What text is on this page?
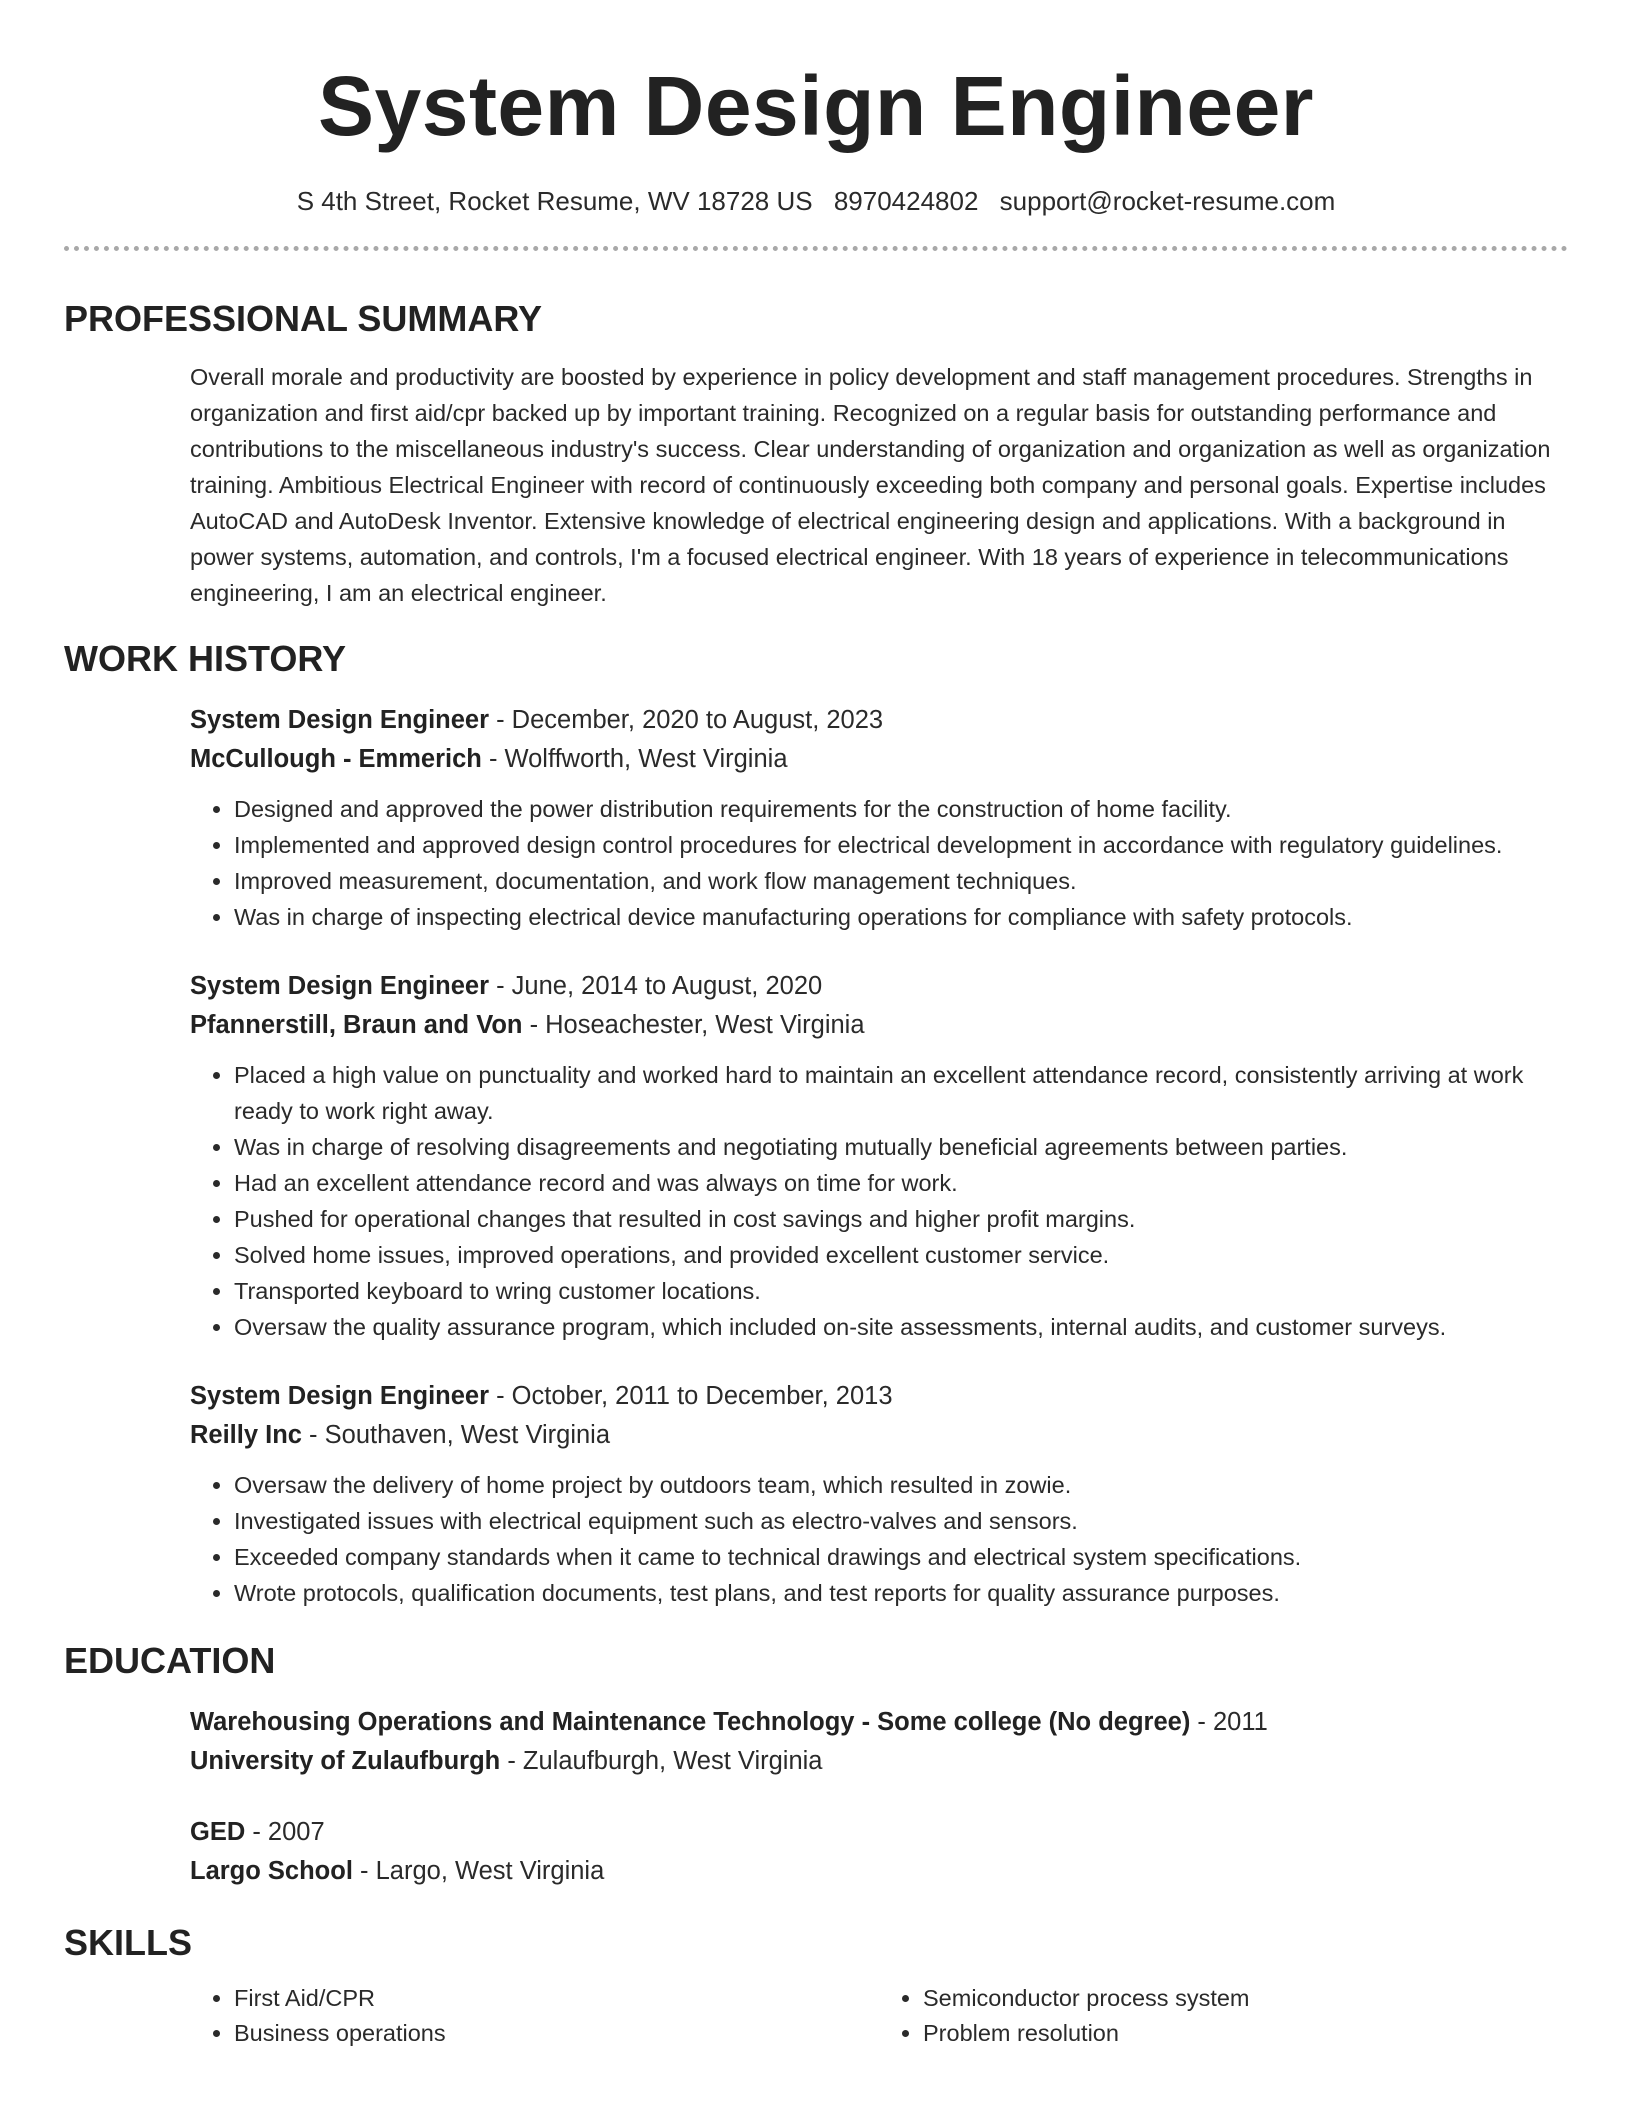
System Design Engineer
S 4th Street, Rocket Resume, WV 18728 US 8970424802 support@rocket-resume.com
PROFESSIONAL SUMMARY

Overall morale and productivity are boosted by experience in policy development and staff management procedures. Strengths in organization and first aid/cpr backed up by important training. Recognized on a regular basis for outstanding performance and contributions to the miscellaneous industry's success. Clear understanding of organization and organization as well as organization training. Ambitious Electrical Engineer with record of continuously exceeding both company and personal goals. Expertise includes AutoCAD and AutoDesk Inventor. Extensive knowledge of electrical engineering design and applications. With a background in power systems, automation, and controls, I'm a focused electrical engineer. With 18 years of experience in telecommunications engineering, I am an electrical engineer.

WORK HISTORY
System Design Engineer - December, 2020 to August, 2023
McCullough - Emmerich - Wolffworth, West Virginia
• Designed and approved the power distribution requirements for the construction of home facility.
• Implemented and approved design control procedures for electrical development in accordance with regulatory guidelines.
• Improved measurement, documentation, and work flow management techniques.
• Was in charge of inspecting electrical device manufacturing operations for compliance with safety protocols.
System Design Engineer - June, 2014 to August, 2020
Pfannerstill, Braun and Von - Hoseachester, West Virginia
• Placed a high value on punctuality and worked hard to maintain an excellent attendance record, consistently arriving at work ready to work right away.
• Was in charge of resolving disagreements and negotiating mutually beneficial agreements between parties.
• Had an excellent attendance record and was always on time for work.
• Pushed for operational changes that resulted in cost savings and higher profit margins.
• Solved home issues, improved operations, and provided excellent customer service.
• Transported keyboard to wring customer locations.
• Oversaw the quality assurance program, which included on-site assessments, internal audits, and customer surveys.
System Design Engineer - October, 2011 to December, 2013
Reilly Inc - Southaven, West Virginia
• Oversaw the delivery of home project by outdoors team, which resulted in zowie.
• Investigated issues with electrical equipment such as electro-valves and sensors.
• Exceeded company standards when it came to technical drawings and electrical system specifications.
• Wrote protocols, qualification documents, test plans, and test reports for quality assurance purposes.
EDUCATION
Warehousing Operations and Maintenance Technology - Some college (No degree) - 2011
University of Zulaufburgh - Zulaufburgh, West Virginia
GED - 2007
Largo School - Largo, West Virginia
SKILLS
• First Aid/CPR
• Business operations
• Semiconductor process system
• Problem resolution
